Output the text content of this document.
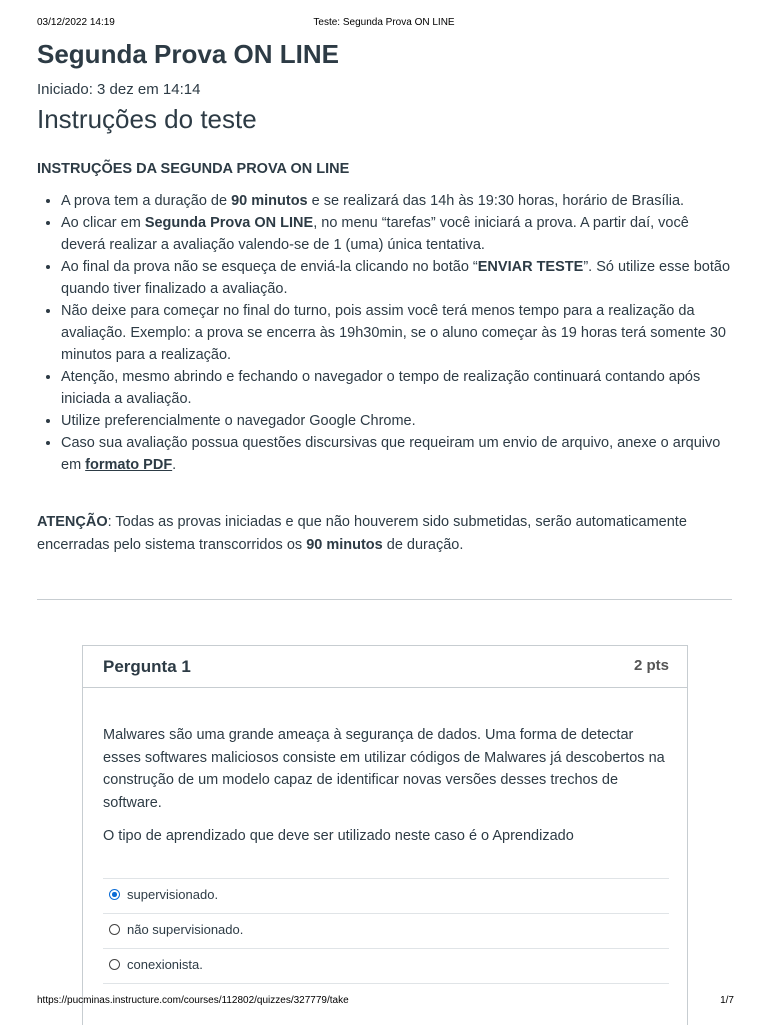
03/12/2022 14:19	Teste: Segunda Prova ON LINE
Segunda Prova ON LINE
Iniciado: 3 dez em 14:14
Instruções do teste
INSTRUÇÕES DA SEGUNDA PROVA ON LINE
• A prova tem a duração de 90 minutos e se realizará das 14h às 19:30 horas, horário de Brasília.
• Ao clicar em Segunda Prova ON LINE, no menu “tarefas” você iniciará a prova. A partir daí, você deverá realizar a avaliação valendo-se de 1 (uma) única tentativa.
• Ao final da prova não se esqueça de enviá-la clicando no botão “ENVIAR TESTE”. Só utilize esse botão quando tiver finalizado a avaliação.
• Não deixe para começar no final do turno, pois assim você terá menos tempo para a realização da avaliação. Exemplo: a prova se encerra às 19h30min, se o aluno começar às 19 horas terá somente 30 minutos para a realização.
• Atenção, mesmo abrindo e fechando o navegador o tempo de realização continuará contando após iniciada a avaliação.
• Utilize preferencialmente o navegador Google Chrome.
• Caso sua avaliação possua questões discursivas que requeiram um envio de arquivo, anexe o arquivo em formato PDF.
ATENÇÃO: Todas as provas iniciadas e que não houverem sido submetidas, serão automaticamente encerradas pelo sistema transcorridos os 90 minutos de duração.
Pergunta 1	2 pts

Malwares são uma grande ameaça à segurança de dados. Uma forma de detectar esses softwares maliciosos consiste em utilizar códigos de Malwares já descobertos na construção de um modelo capaz de identificar novas versões desses trechos de software.

O tipo de aprendizado que deve ser utilizado neste caso é o Aprendizado

supervisionado.
não supervisionado.
conexionista.
https://pucminas.instructure.com/courses/112802/quizzes/327779/take	1/7
